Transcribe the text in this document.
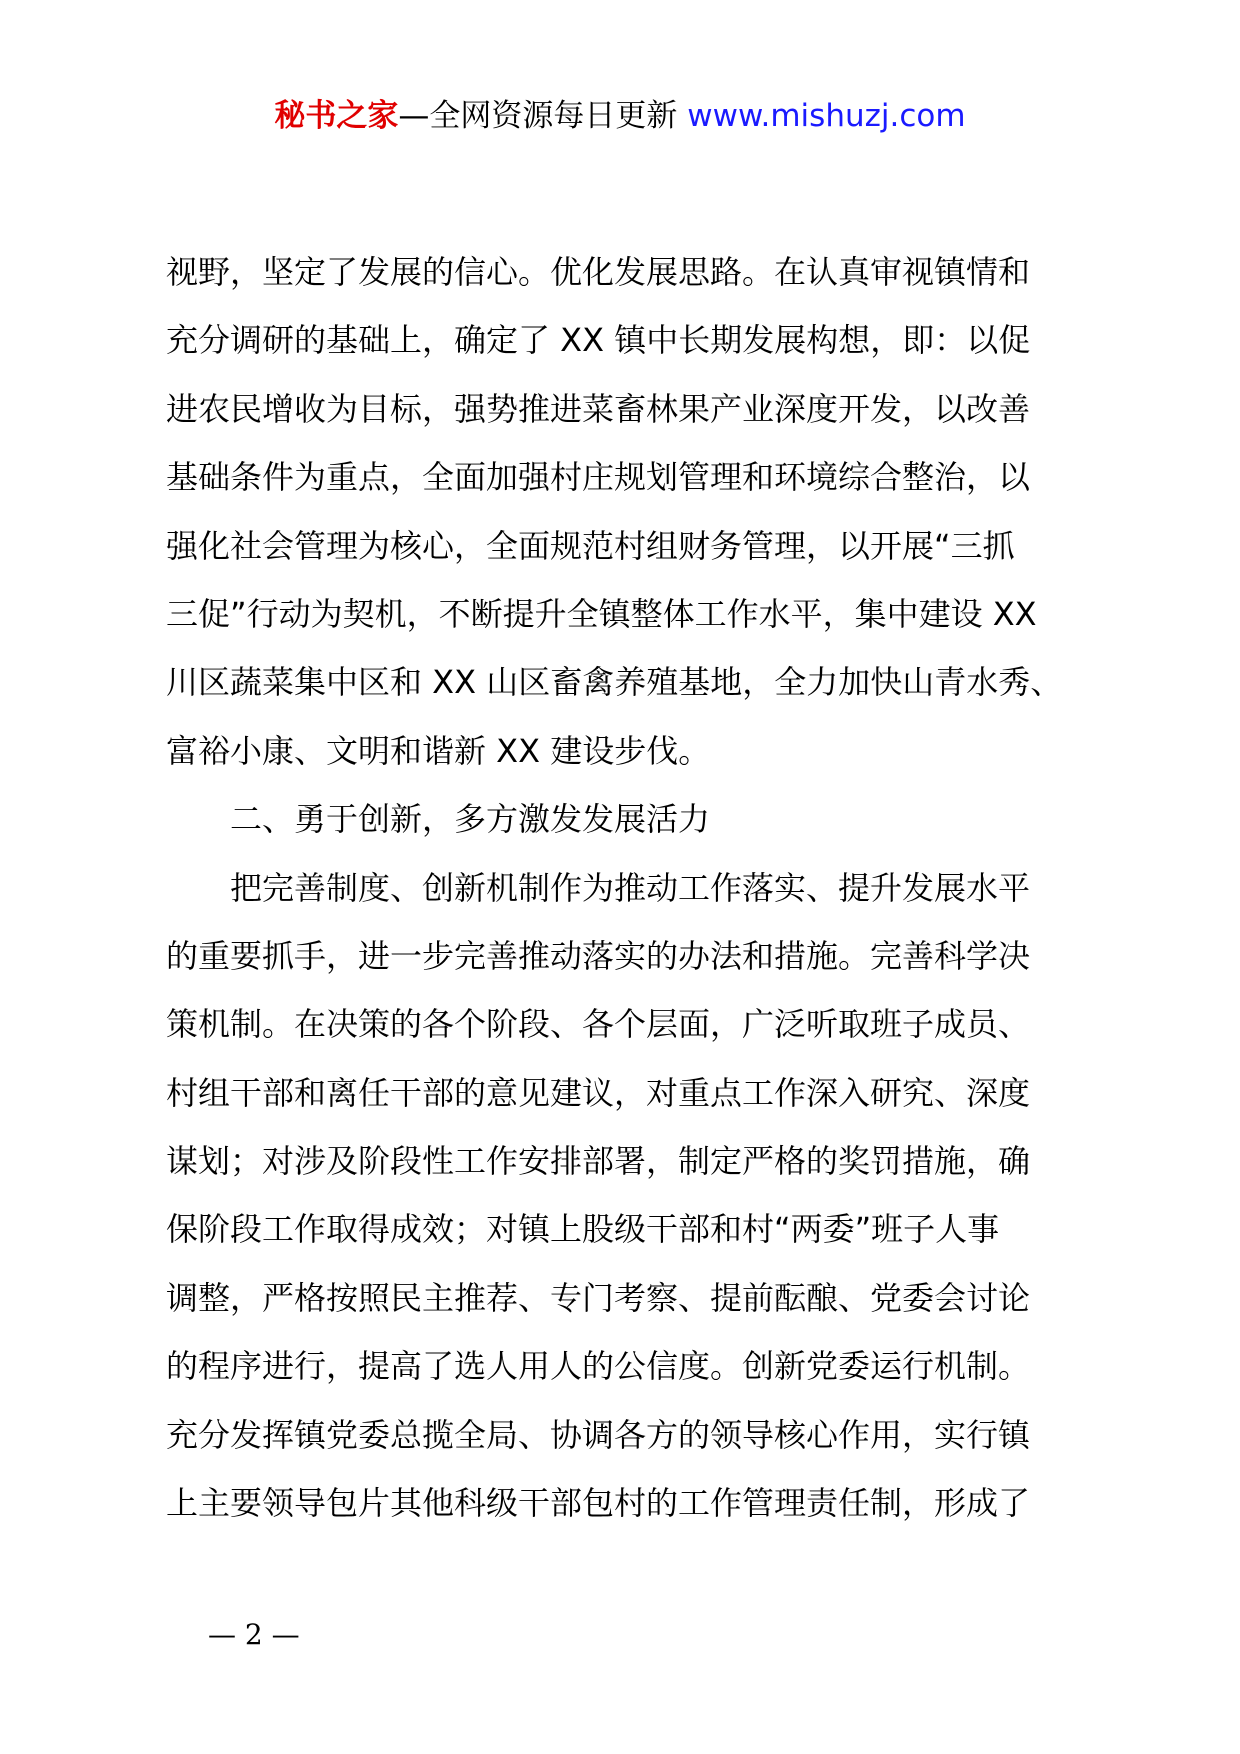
秘书之家—全网资源每日更新 www.mishuzj.com
视野，坚定了发展的信心。优化发展思路。在认真审视镇情和
充分调研的基础上，确定了 XX 镇中长期发展构想，即：以促
进农民增收为目标，强势推进菜畜林果产业深度开发，以改善
基础条件为重点，全面加强村庄规划管理和环境综合整治，以
强化社会管理为核心，全面规范村组财务管理，以开展“三抓
三促”行动为契机，不断提升全镇整体工作水平，集中建设 XX
川区蔬菜集中区和 XX 山区畜禽养殖基地，全力加快山青水秀、
富裕小康、文明和谐新 XX 建设步伐。
二、勇于创新，多方激发发展活力
把完善制度、创新机制作为推动工作落实、提升发展水平
的重要抓手，进一步完善推动落实的办法和措施。完善科学决
策机制。在决策的各个阶段、各个层面，广泛听取班子成员、
村组干部和离任干部的意见建议，对重点工作深入研究、深度
谋划；对涉及阶段性工作安排部署，制定严格的奖罚措施，确
保阶段工作取得成效；对镇上股级干部和村“两委”班子人事
调整，严格按照民主推荐、专门考察、提前酝酿、党委会讨论
的程序进行，提高了选人用人的公信度。创新党委运行机制。
充分发挥镇党委总揽全局、协调各方的领导核心作用，实行镇
上主要领导包片其他科级干部包村的工作管理责任制，形成了
— 2 —
